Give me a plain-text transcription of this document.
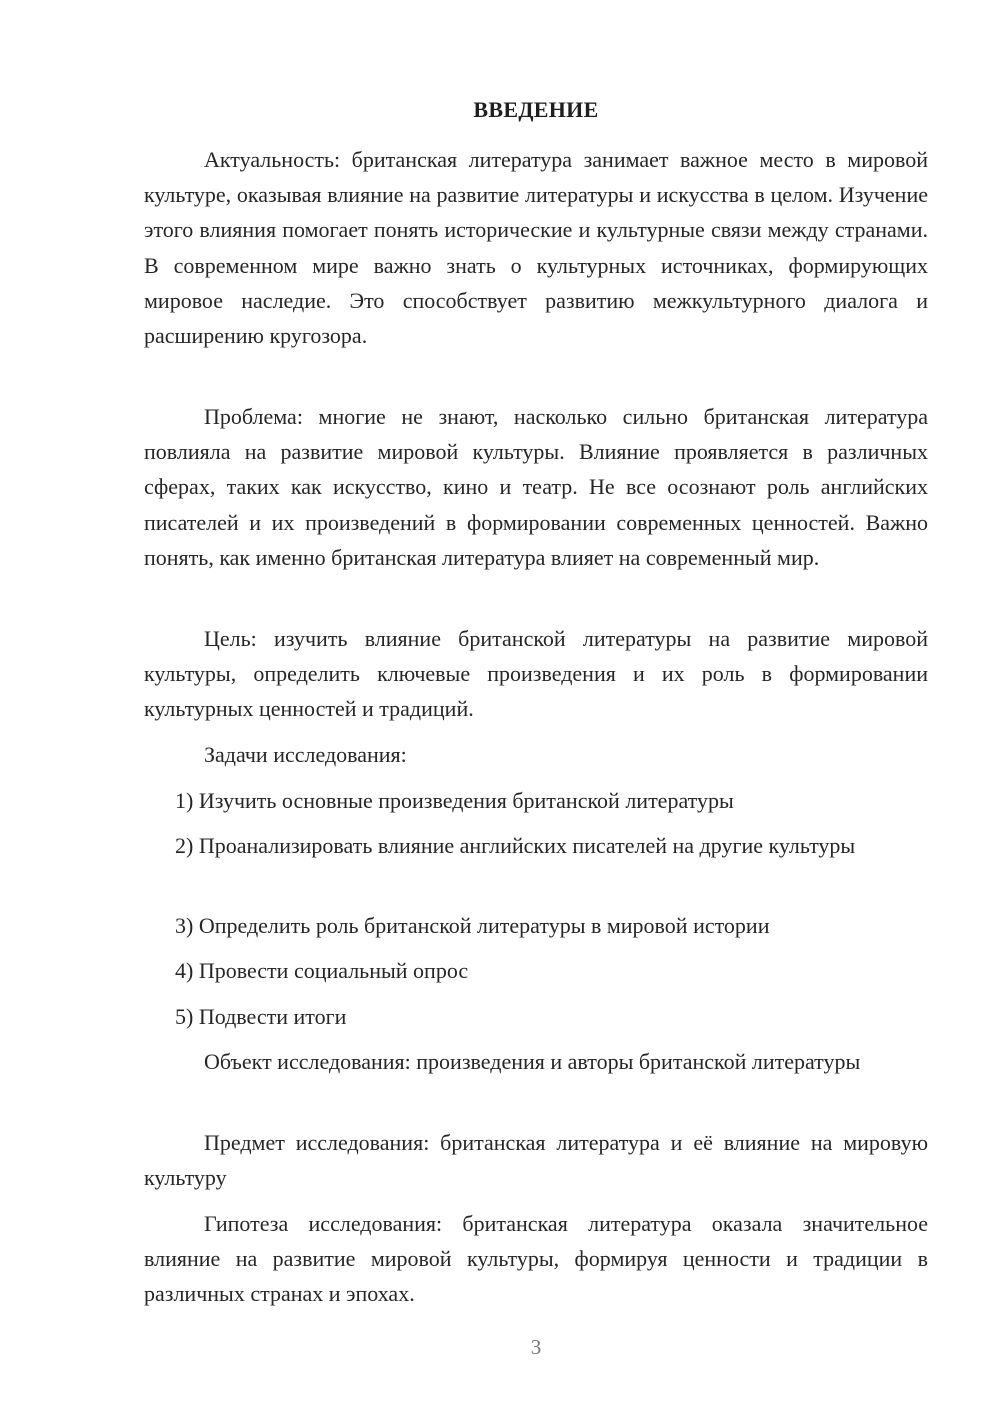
ВВЕДЕНИЕ
Актуальность: британская литература занимает важное место в мировой культуре, оказывая влияние на развитие литературы и искусства в целом. Изучение этого влияния помогает понять исторические и культурные связи между странами. В современном мире важно знать о культурных источниках, формирующих мировое наследие. Это способствует развитию межкультурного диалога и расширению кругозора.
Проблема: многие не знают, насколько сильно британская литература повлияла на развитие мировой культуры. Влияние проявляется в различных сферах, таких как искусство, кино и театр. Не все осознают роль английских писателей и их произведений в формировании современных ценностей. Важно понять, как именно британская литература влияет на современный мир.
Цель: изучить влияние британской литературы на развитие мировой культуры, определить ключевые произведения и их роль в формировании культурных ценностей и традиций.
Задачи исследования:
1) Изучить основные произведения британской литературы
2) Проанализировать влияние английских писателей на другие культуры
3) Определить роль британской литературы в мировой истории
4) Провести социальный опрос
5) Подвести итоги
Объект исследования: произведения и авторы британской литературы
Предмет исследования: британская литература и её влияние на мировую культуру
Гипотеза исследования: британская литература оказала значительное влияние на развитие мировой культуры, формируя ценности и традиции в различных странах и эпохах.
3
